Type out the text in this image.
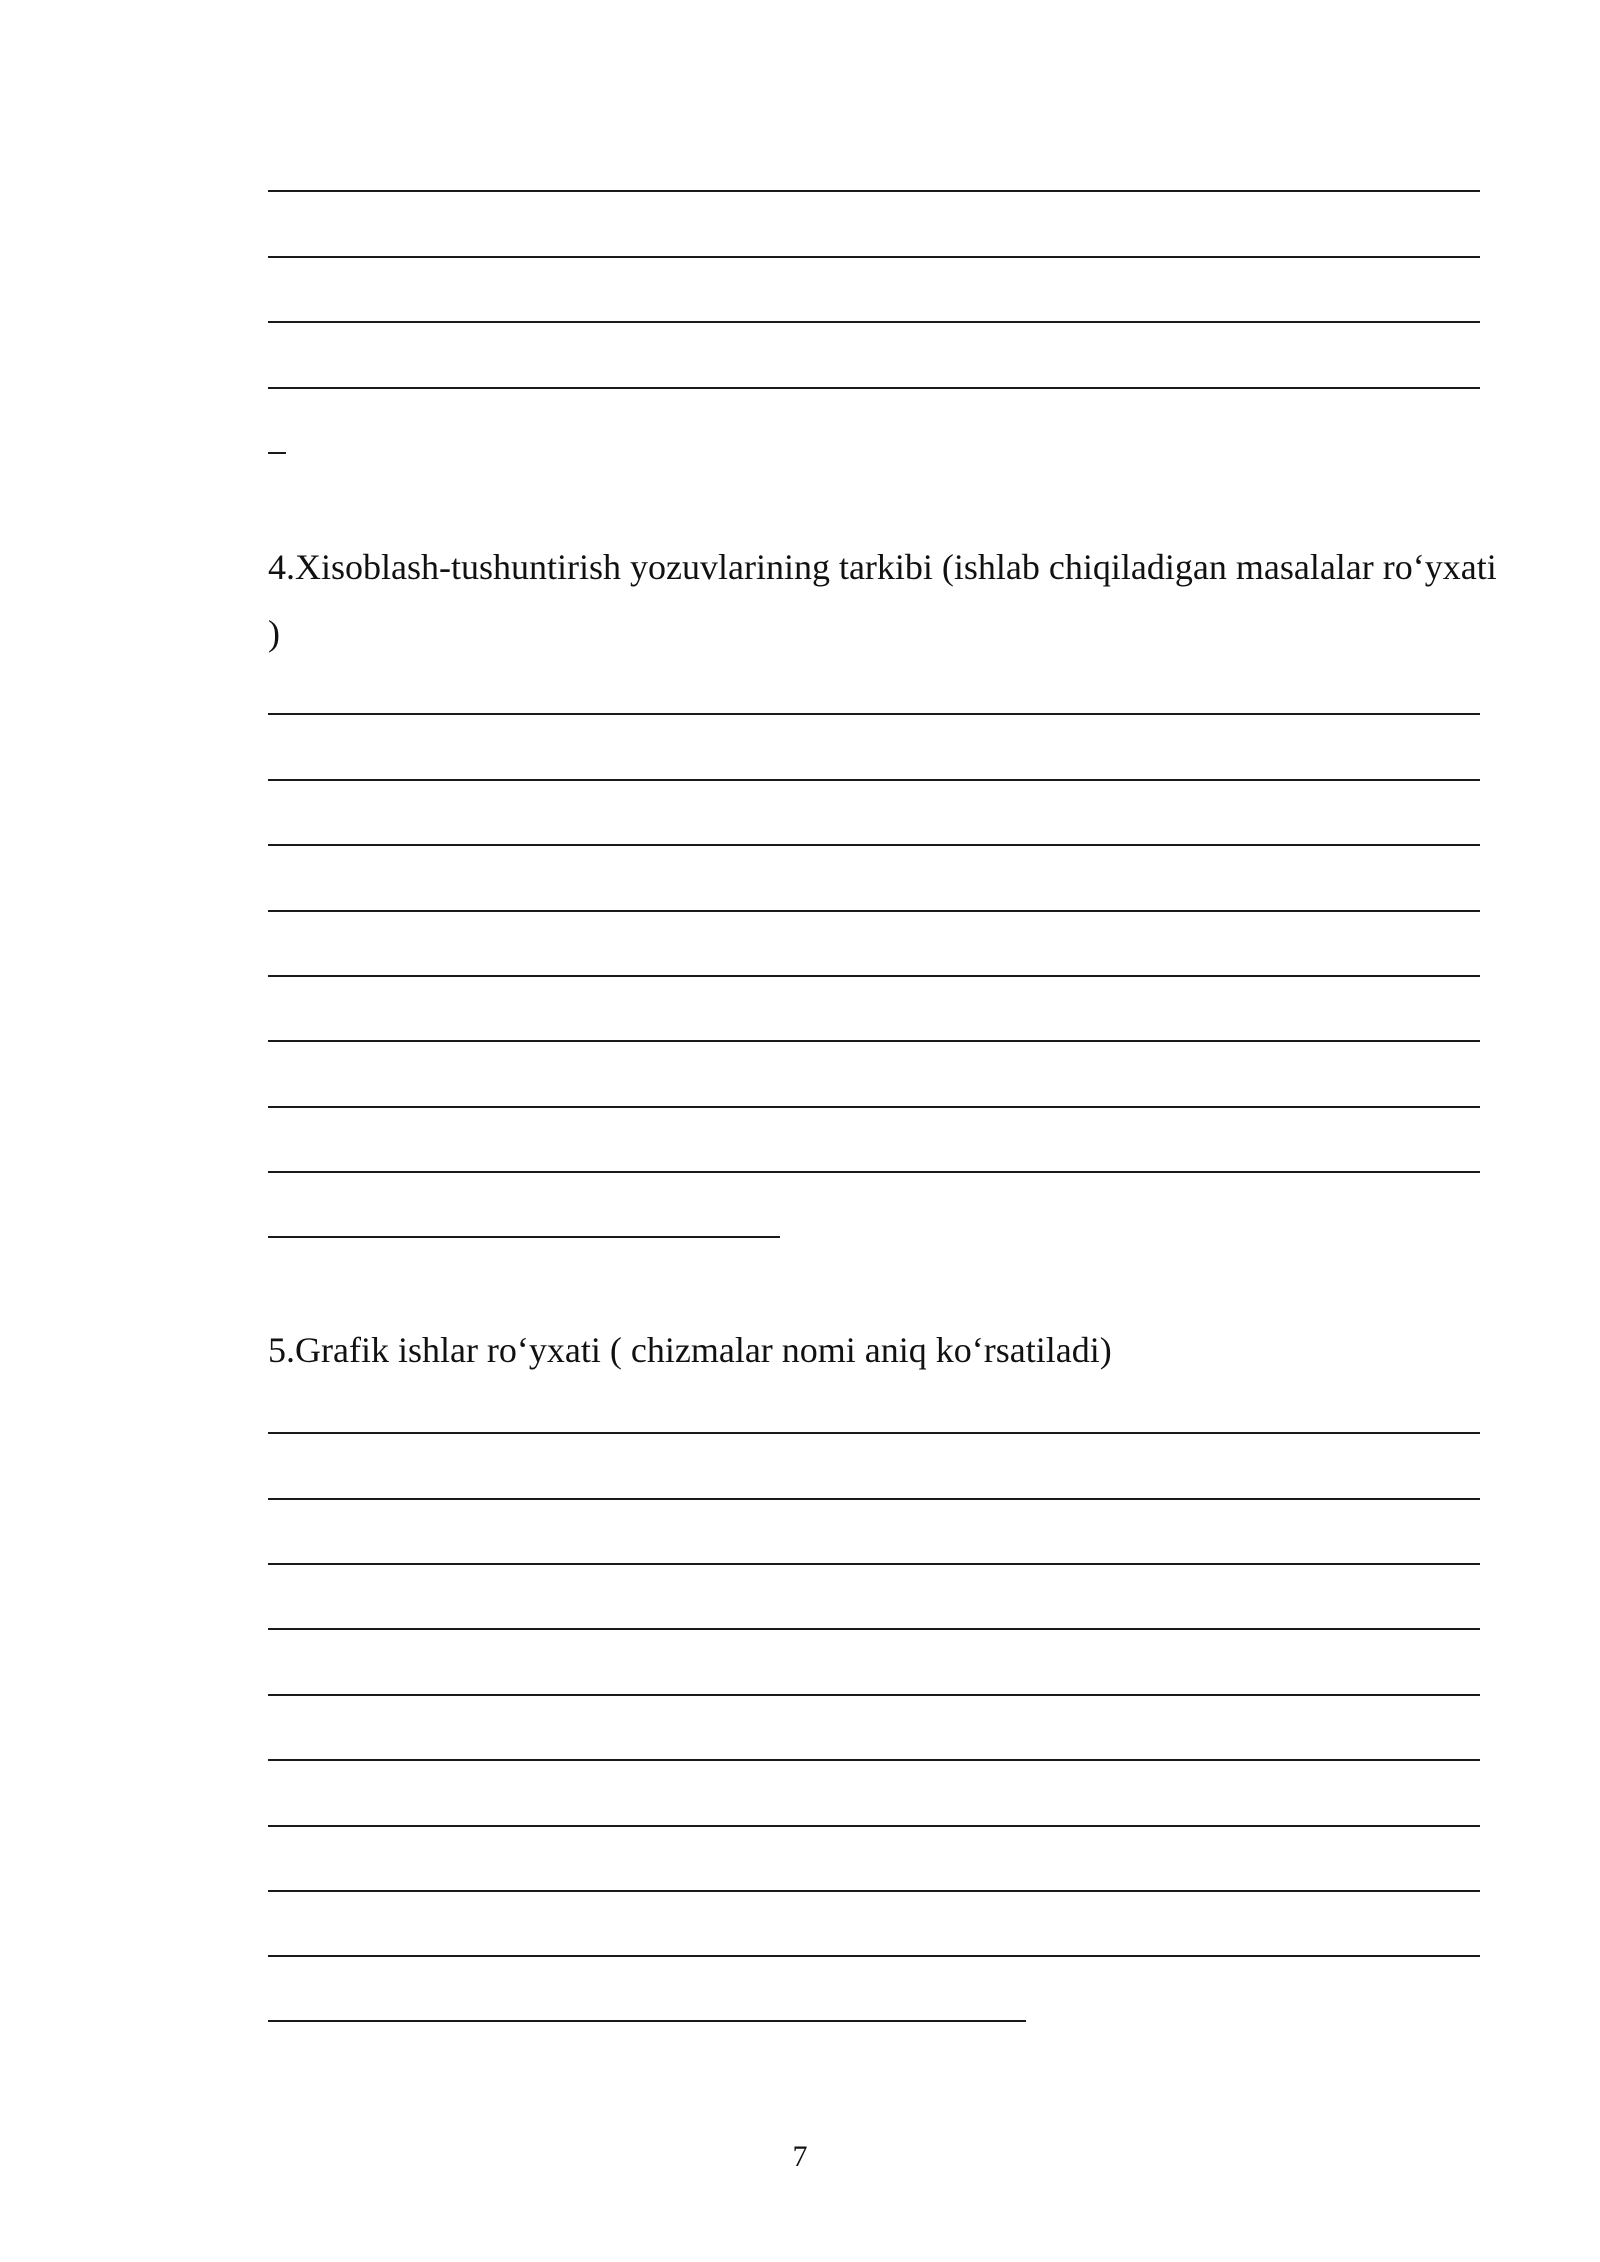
4.Xisoblash-tushuntirish yozuvlarining tarkibi (ishlab chiqiladigan masalalar ro‘yxati )

5.Grafik ishlar ro‘yxati ( chizmalar nomi aniq ko‘rsatiladi)

7
